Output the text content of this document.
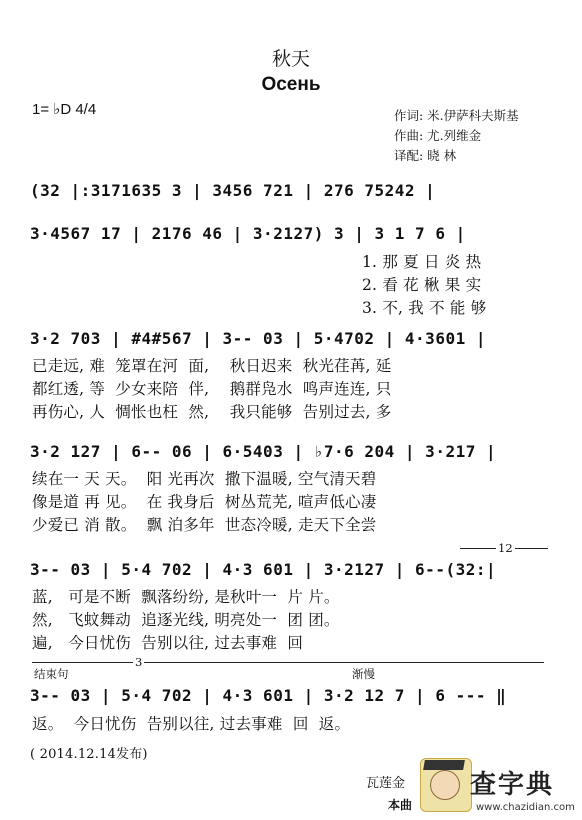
秋天
Осень
1= ♭D 4/4	作词: 米.伊萨科夫斯基
作曲: 尤.列维金
译配: 晓 林
(32 |:3171635 3 | 3456 721 | 276 75242 |
3·4567 17 | 2176 46 | 3·2127) 3 | 3 1 7 6 |
1. 那 夏 日 炎 热
2. 看 花 楸 果 实
3. 不, 我 不 能 够
3·2 703 | #4#567 | 3-- 03 | 5·4702 | 4·3601 |
已走远, 难  笼罩在河  面,    秋日迟来  秋光荏苒, 延
都红透, 等  少女来陪  伴,    鹅群凫水  鸣声连连, 只
再伤心, 人  惆怅也枉  然,    我只能够  告别过去, 多
3·2 127 | 6-- 06 | 6·5403 | ♭7·6 204 | 3·217 |
续在一 天 天。  阳 光再次  撒下温暖, 空气清天碧
像是道 再 见。  在 我身后  树丛荒芜, 喧声低心凄
少爱已 消 散。  飘 泊多年  世态冷暖, 走天下全尝
12
3-- 03 | 5·4 702 | 4·3 601 | 3·2127 | 6--(32:|
蓝,   可是不断  飘落纷纷, 是秋叶一  片 片。
然,   飞蚊舞动  追逐光线, 明亮处一  团 团。
遍,   今日忧伤  告别以往, 过去事难  回
结束句
3
渐慢
3-- 03 | 5·4 702 | 4·3 601 | 3·2 12 7 | 6 --- ‖
返。  今日忧伤  告别以往, 过去事难  回  返。
( 2014.12.14发布)
瓦莲金
本曲
查字典
www.chazidian.com
